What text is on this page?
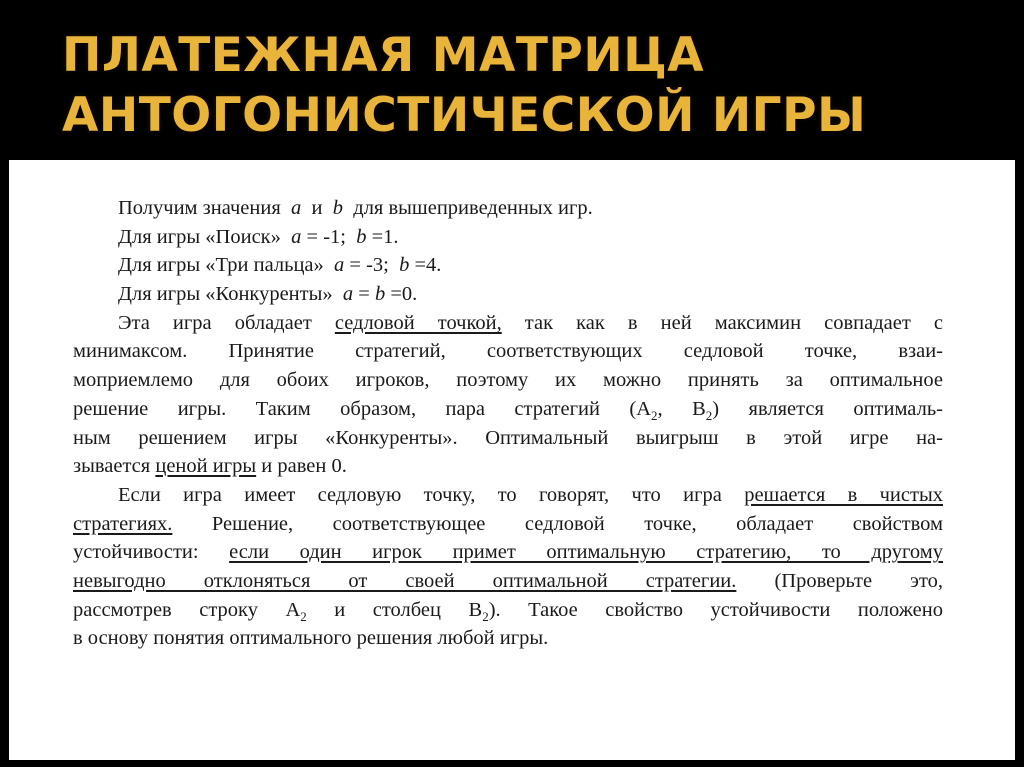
ПЛАТЕЖНАЯ МАТРИЦА
АНТОГОНИСТИЧЕСКОЙ ИГРЫ
Получим значения a и b для вышеприведенных игр.
Для игры «Поиск» a = -1; b =1.
Для игры «Три пальца» a = -3; b =4.
Для игры «Конкуренты» a = b =0.
Эта игра обладает седловой точкой, так как в ней максимин совпадает с
минимаксом. Принятие стратегий, соответствующих седловой точке, взаи-
моприемлемо для обоих игроков, поэтому их можно принять за оптимальное
решение игры. Таким образом, пара стратегий ($A_2$, $B_2$) является оптималь-
ным решением игры «Конкуренты». Оптимальный выигрыш в этой игре на-
зывается ценой игры и равен 0.
Если игра имеет седловую точку, то говорят, что игра решается в чистых
стратегиях. Решение, соответствующее седловой точке, обладает свойством
устойчивости: если один игрок примет оптимальную стратегию, то другому
невыгодно отклоняться от своей оптимальной стратегии. (Проверьте это,
рассмотрев строку $A_2$ и столбец $B_2$). Такое свойство устойчивости положено
в основу понятия оптимального решения любой игры.
